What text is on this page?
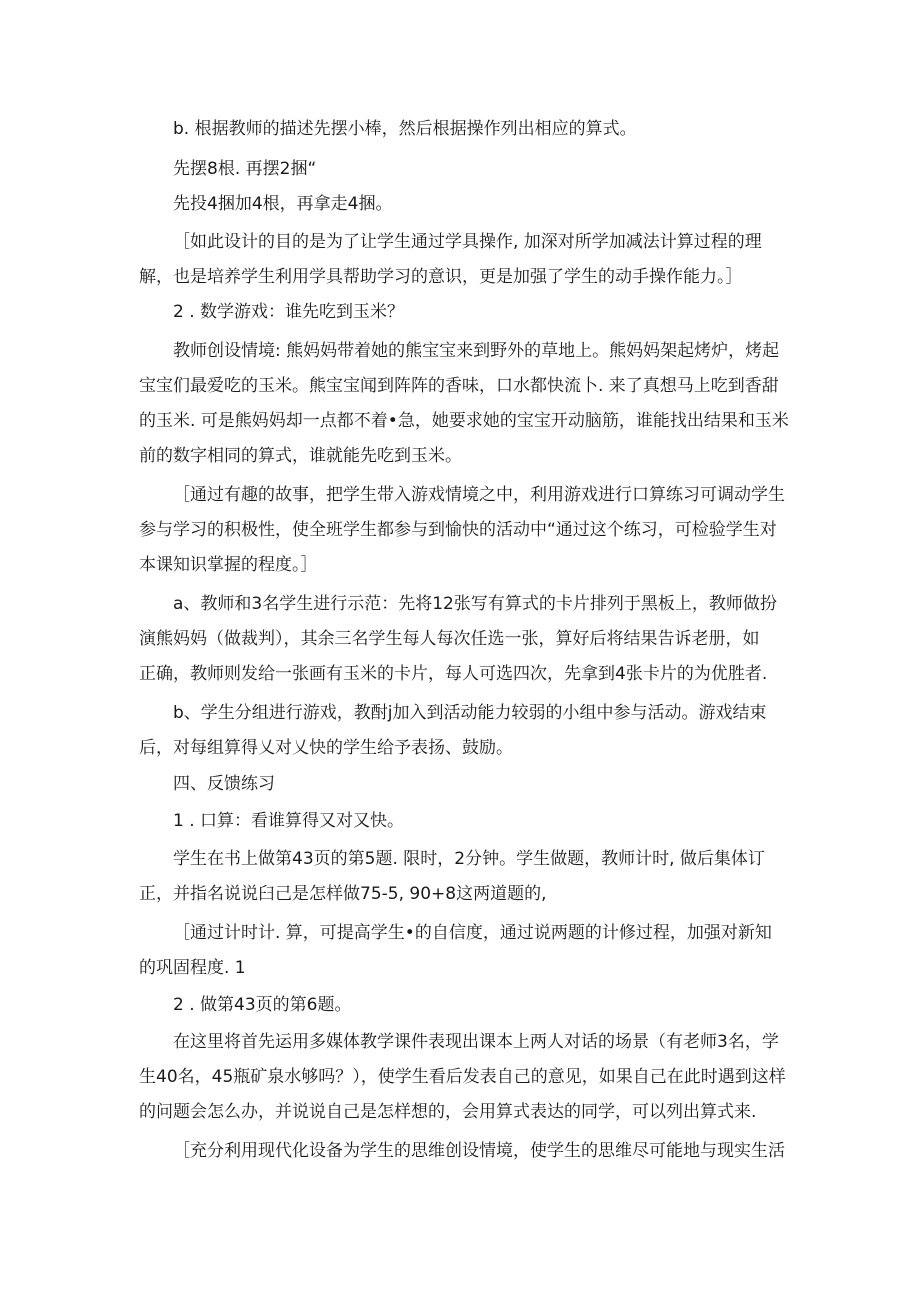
b. 根据教师的描述先摆小棒，然后根据操作列出相应的算式。
先摆8根. 再摆2捆“
先投4捆加4根，再拿走4捆。
［如此设计的目的是为了让学生通过学具操作, 加深对所学加减法计算过程的理
解，也是培养学生利用学具帮助学习的意识，更是加强了学生的动手操作能力。］
2 . 数学游戏：谁先吃到玉米？
教师创设情境: 熊妈妈带着她的熊宝宝来到野外的草地上。熊妈妈架起烤炉，烤起
宝宝们最爱吃的玉米。熊宝宝闻到阵阵的香味，口水都快流卜. 来了真想马上吃到香甜
的玉米. 可是熊妈妈却一点都不着•急，她要求她的宝宝开动脑筋，谁能找出结果和玉米
前的数字相同的算式，谁就能先吃到玉米。
［通过有趣的故事，把学生带入游戏情境之中，利用游戏进行口算练习可调动学生
参与学习的积极性，使全班学生都参与到愉快的活动中“通过这个练习，可检验学生对
本课知识掌握的程度。］
a、教师和3名学生进行示范：先将12张写有算式的卡片排列于黑板上，教师做扮
演熊妈妈（做裁判），其余三名学生每人每次任选一张，算好后将结果告诉老册，如
正确，教师则发给一张画有玉米的卡片，每人可选四次，先拿到4张卡片的为优胜者.
b、学生分组进行游戏，教酎j加入到活动能力较弱的小组中参与活动。游戏结束
后，对每组算得乂对乂快的学生给予表扬、鼓励。
四、反馈练习
1 . 口算：看谁算得又对又快。
学生在书上做第43页的第5题. 限时，2分钟。学生做题，教师计时, 做后集体订
正，并指名说说臼己是怎样做75-5, 90+8这两道题的,
［通过计时计. 算，可提高学生•的自信度，通过说两题的计修过程，加强对新知
的巩固程度. 1
2 . 做第43页的第6题。
在这里将首先运用多媒体教学课件表现出课本上两人对话的场景（有老师3名，学
生40名，45瓶矿泉水够吗？），使学生看后发表自己的意见，如果自己在此时遇到这样
的问题会怎么办，并说说自己是怎样想的，会用算式表达的同学，可以列出算式来.
［充分利用现代化设备为学生的思维创设情境，使学生的思维尽可能地与现实生活
